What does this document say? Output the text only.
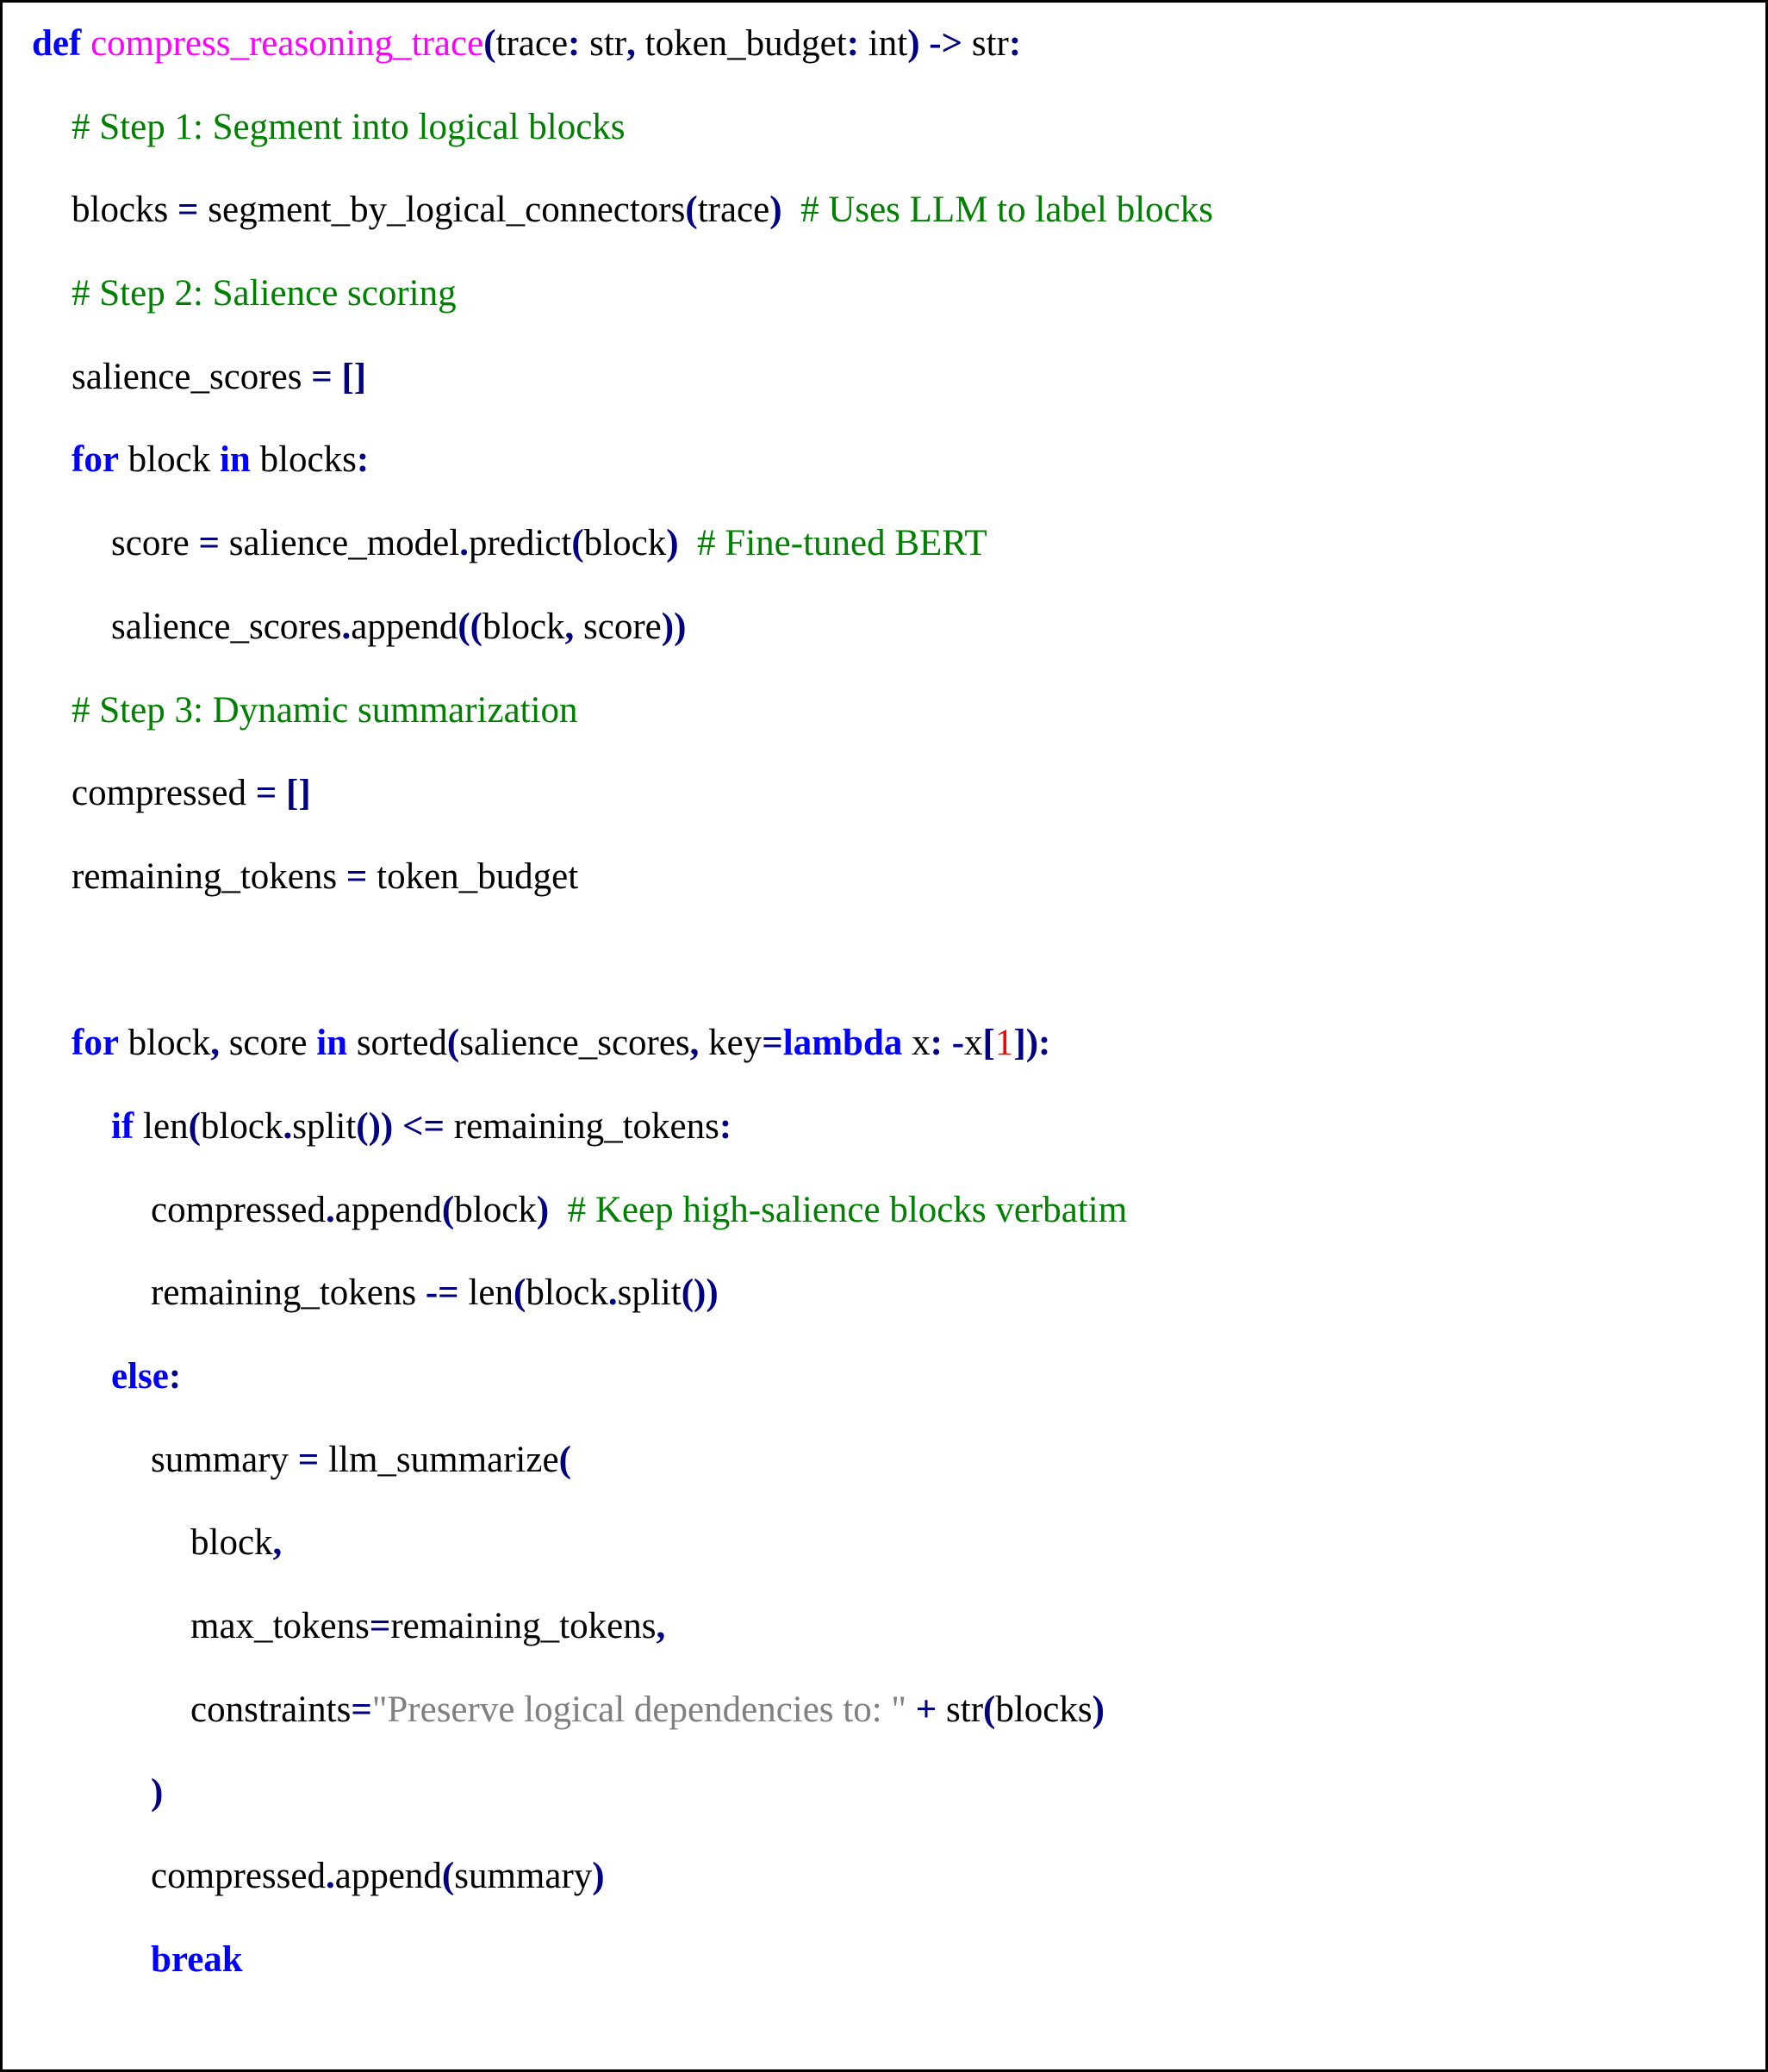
def compress_reasoning_trace(trace: str, token_budget: int) -> str:
# Step 1: Segment into logical blocks
blocks = segment_by_logical_connectors(trace) # Uses LLM to label blocks
# Step 2: Salience scoring
salience_scores = []
for block in blocks:
score = salience_model.predict(block) # Fine-tuned BERT
salience_scores.append((block, score))
# Step 3: Dynamic summarization
compressed = []
remaining_tokens = token_budget
for block, score in sorted(salience_scores, key=lambda x: -x[1]):
if len(block.split()) <= remaining_tokens:
compressed.append(block) # Keep high-salience blocks verbatim
remaining_tokens -= len(block.split())
else:
summary = llm_summarize(
block,
max_tokens=remaining_tokens,
constraints="Preserve logical dependencies to: " + str(blocks)
)
compressed.append(summary)
break
